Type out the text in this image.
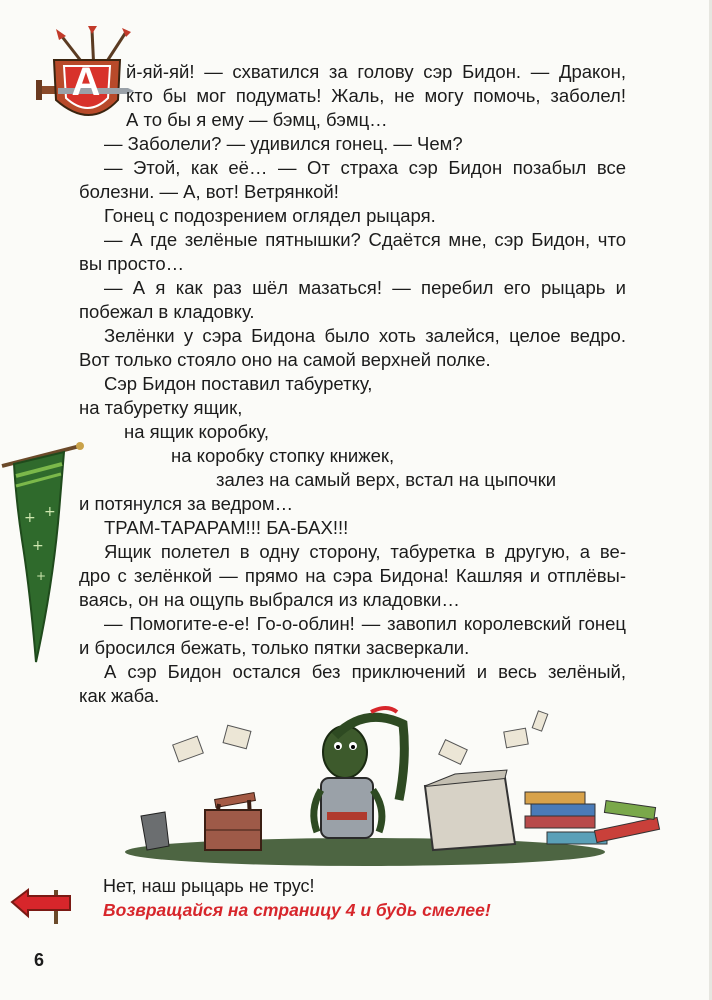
А	й-яй-яй! — схватился за голову сэр Бидон. — Дракон,

кто бы мог подумать! Жаль, не могу помочь, заболел!

А то бы я ему — бэмц, бэмц…

— Заболели? — удивился гонец. — Чем?

— Этой, как её… — От страха сэр Бидон позабыл все

болезни. — А, вот! Ветрянкой!

Гонец с подозрением оглядел рыцаря.

— А где зелёные пятнышки? Сдаётся мне, сэр Бидон, что

вы просто…

— А я как раз шёл мазаться! — перебил его рыцарь и

побежал в кладовку.

Зелёнки у сэра Бидона было хоть залейся, целое ведро.

Вот только стояло оно на самой верхней полке.

Сэр Бидон поставил табуретку,

на табуретку ящик,

на ящик коробку,

на коробку стопку книжек,

залез на самый верх, встал на цыпочки

и потянулся за ведром…

ТРАМ-ТАРАРАМ!!! БА-БАХ!!!

Ящик полетел в одну сторону, табуретка в другую, а ве-

дро с зелёнкой — прямо на сэра Бидона! Кашляя и отплёвы-

ваясь, он на ощупь выбрался из кладовки…

— Помогите-е-е! Го-о-облин! — завопил королевский гонец

и бросился бежать, только пятки засверкали.

А сэр Бидон остался без приключений и весь зелёный,

как жаба.

+ +
+
+
Нет, наш рыцарь не трус!
Возвращайся на страницу 4 и будь смелее!
6
